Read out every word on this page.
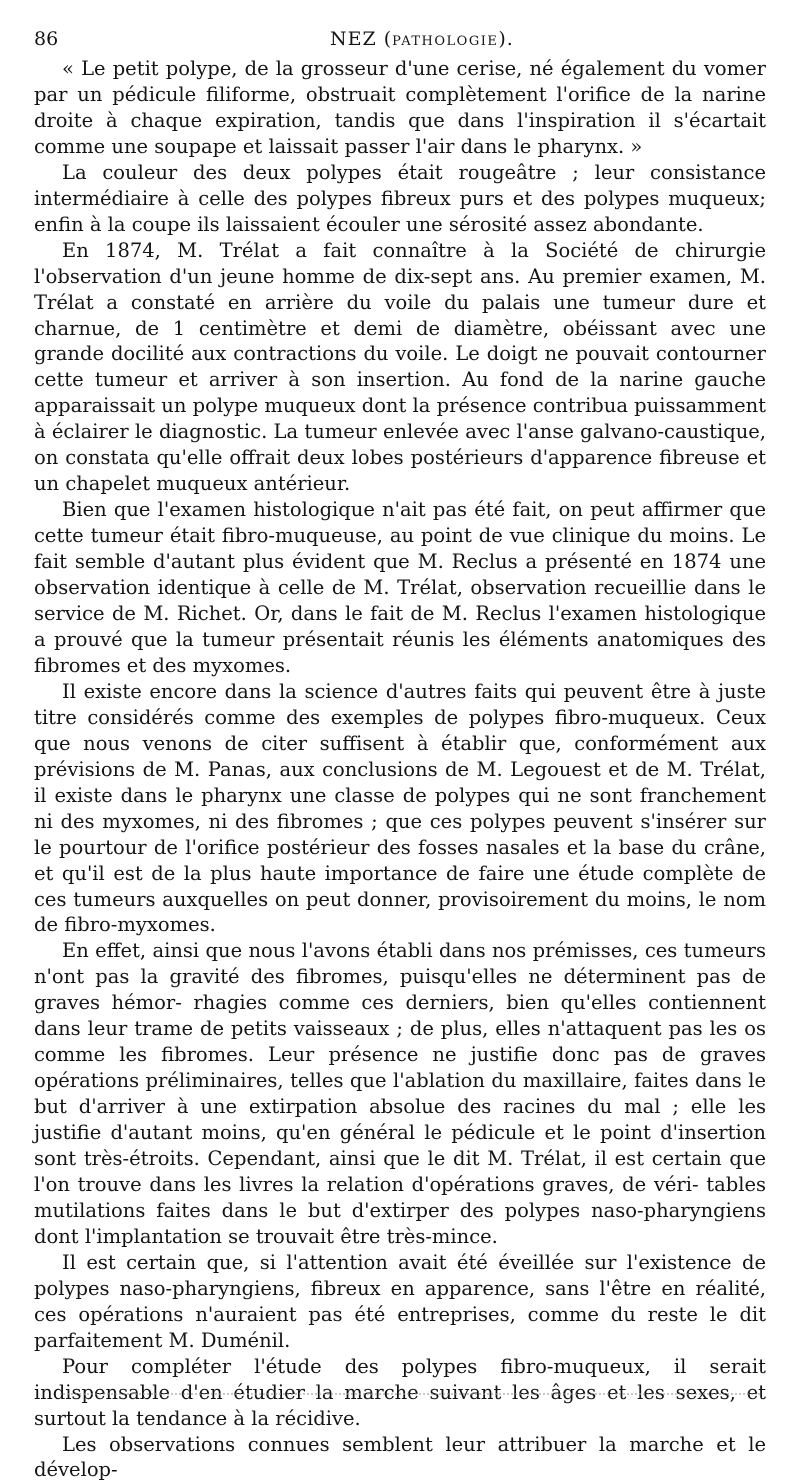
86	NEZ (PATHOLOGIE).

« Le petit polype, de la grosseur d'une cerise, né également du vomer par un pédicule filiforme, obstruait complètement l'orifice de la narine droite à chaque expiration, tandis que dans l'inspiration il s'écartait comme une soupape et laissait passer l'air dans le pharynx. »

La couleur des deux polypes était rougeâtre ; leur consistance intermédiaire à celle des polypes fibreux purs et des polypes muqueux; enfin à la coupe ils laissaient écouler une sérosité assez abondante.

En 1874, M. Trélat a fait connaître à la Société de chirurgie l'observation d'un jeune homme de dix-sept ans. Au premier examen, M. Trélat a constaté en arrière du voile du palais une tumeur dure et charnue, de 1 centimètre et demi de diamètre, obéissant avec une grande docilité aux contractions du voile. Le doigt ne pouvait contourner cette tumeur et arriver à son insertion. Au fond de la narine gauche apparaissait un polype muqueux dont la présence contribua puissamment à éclairer le diagnostic. La tumeur enlevée avec l'anse galvano-caustique, on constata qu'elle offrait deux lobes postérieurs d'apparence fibreuse et un chapelet muqueux antérieur.

Bien que l'examen histologique n'ait pas été fait, on peut affirmer que cette tumeur était fibro-muqueuse, au point de vue clinique du moins. Le fait semble d'autant plus évident que M. Reclus a présenté en 1874 une observation identique à celle de M. Trélat, observation recueillie dans le service de M. Richet. Or, dans le fait de M. Reclus l'examen histologique a prouvé que la tumeur présentait réunis les éléments anatomiques des fibromes et des myxomes.

Il existe encore dans la science d'autres faits qui peuvent être à juste titre considérés comme des exemples de polypes fibro-muqueux. Ceux que nous venons de citer suffisent à établir que, conformément aux prévisions de M. Panas, aux conclusions de M. Legouest et de M. Trélat, il existe dans le pharynx une classe de polypes qui ne sont franchement ni des myxomes, ni des fibromes ; que ces polypes peuvent s'insérer sur le pourtour de l'orifice postérieur des fosses nasales et la base du crâne, et qu'il est de la plus haute importance de faire une étude complète de ces tumeurs auxquelles on peut donner, provisoirement du moins, le nom de fibro-myxomes.

En effet, ainsi que nous l'avons établi dans nos prémisses, ces tumeurs n'ont pas la gravité des fibromes, puisqu'elles ne déterminent pas de graves hémor- rhagies comme ces derniers, bien qu'elles contiennent dans leur trame de petits vaisseaux ; de plus, elles n'attaquent pas les os comme les fibromes. Leur présence ne justifie donc pas de graves opérations préliminaires, telles que l'ablation du maxillaire, faites dans le but d'arriver à une extirpation absolue des racines du mal ; elle les justifie d'autant moins, qu'en général le pédicule et le point d'insertion sont très-étroits. Cependant, ainsi que le dit M. Trélat, il est certain que l'on trouve dans les livres la relation d'opérations graves, de véri- tables mutilations faites dans le but d'extirper des polypes naso-pharyngiens dont l'implantation se trouvait être très-mince.

Il est certain que, si l'attention avait été éveillée sur l'existence de polypes naso-pharyngiens, fibreux en apparence, sans l'être en réalité, ces opérations n'auraient pas été entreprises, comme du reste le dit parfaitement M. Duménil.

Pour compléter l'étude des polypes fibro-muqueux, il serait indispensable d'en étudier la marche suivant les âges et les sexes, et surtout la tendance à la récidive.

Les observations connues semblent leur attribuer la marche et le dévelop-
